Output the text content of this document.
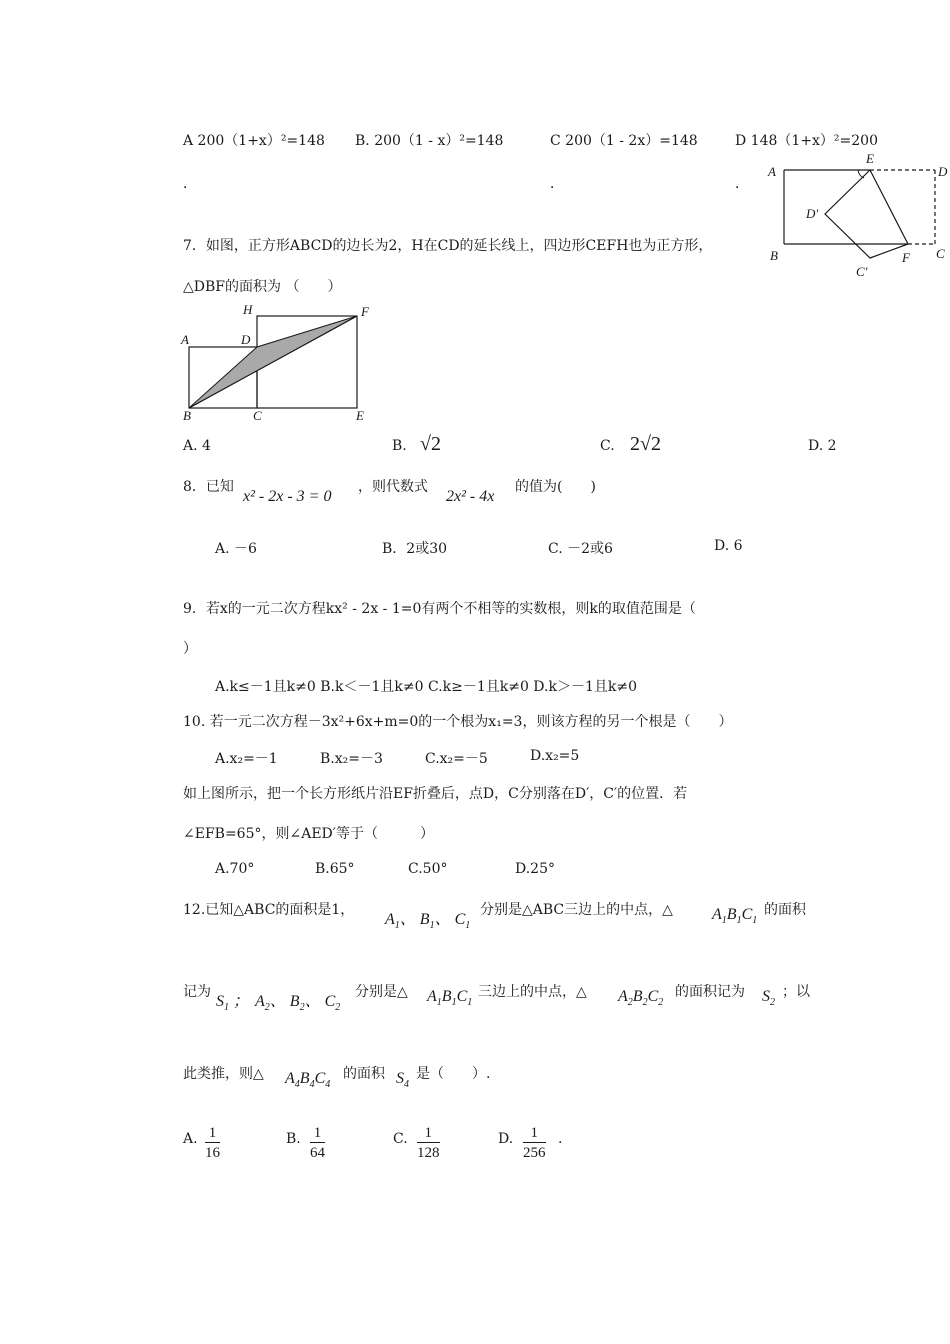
A 200（1+x）²=148 B. 200（1 - x）²=148	C 200（1 - 2x）=148	D 148（1+x）²=200
．	．	．
A
E
D
D′
B
C′
F C
7．如图，正方形ABCD的边长为2，H在CD的延长线上，四边形CEFH也为正方形，
△DBF的面积为 （　　）
H	F
A	D
B	C	E
A. 4	B. √2	C. 2√2	D. 2
8．已知
x² - 2x - 3 = 0
，则代数式
2x² - 4x
的值为(　　)
A. －6	B．2或30	C. －2或6	D. 6
9．若x的一元二次方程kx² - 2x - 1=0有两个不相等的实数根，则k的取值范围是（
）
A.k≤－1且k≠0 B.k＜－1且k≠0 C.k≥－1且k≠0 D.k＞－1且k≠0
10. 若一元二次方程－3x²+6x+m=0的一个根为x₁=3，则该方程的另一个根是（　　）
A.x₂=－1	B.x₂=－3	C.x₂=－5	D.x₂=5
如上图所示，把一个长方形纸片沿EF折叠后，点D，C分别落在D′，C′的位置．若
∠EFB=65°，则∠AED′等于（　　　）
A.70°	B.65°	C.50°	D.25°
12.已知△ABC的面积是1，
$A_1$、 $B_1$、 $C_1$
分别是△ABC三边上的中点，△ $A_1B_1C_1$
的面积
记为
$S_1$ ； $A_2$、 $B_2$、 $C_2$
分别是△ $A_1B_1C_1$
三边上的中点，△ $A_2B_2C_2$
的面积记为 $S_2$
；以
此类推，则△ $A_4B_4C_4$
的面积 $S_4$
是（　　）.
A. $\frac{1}{16}$	B. $\frac{1}{64}$	C. $\frac{1}{128}$	D. $\frac{1}{256}$ .
